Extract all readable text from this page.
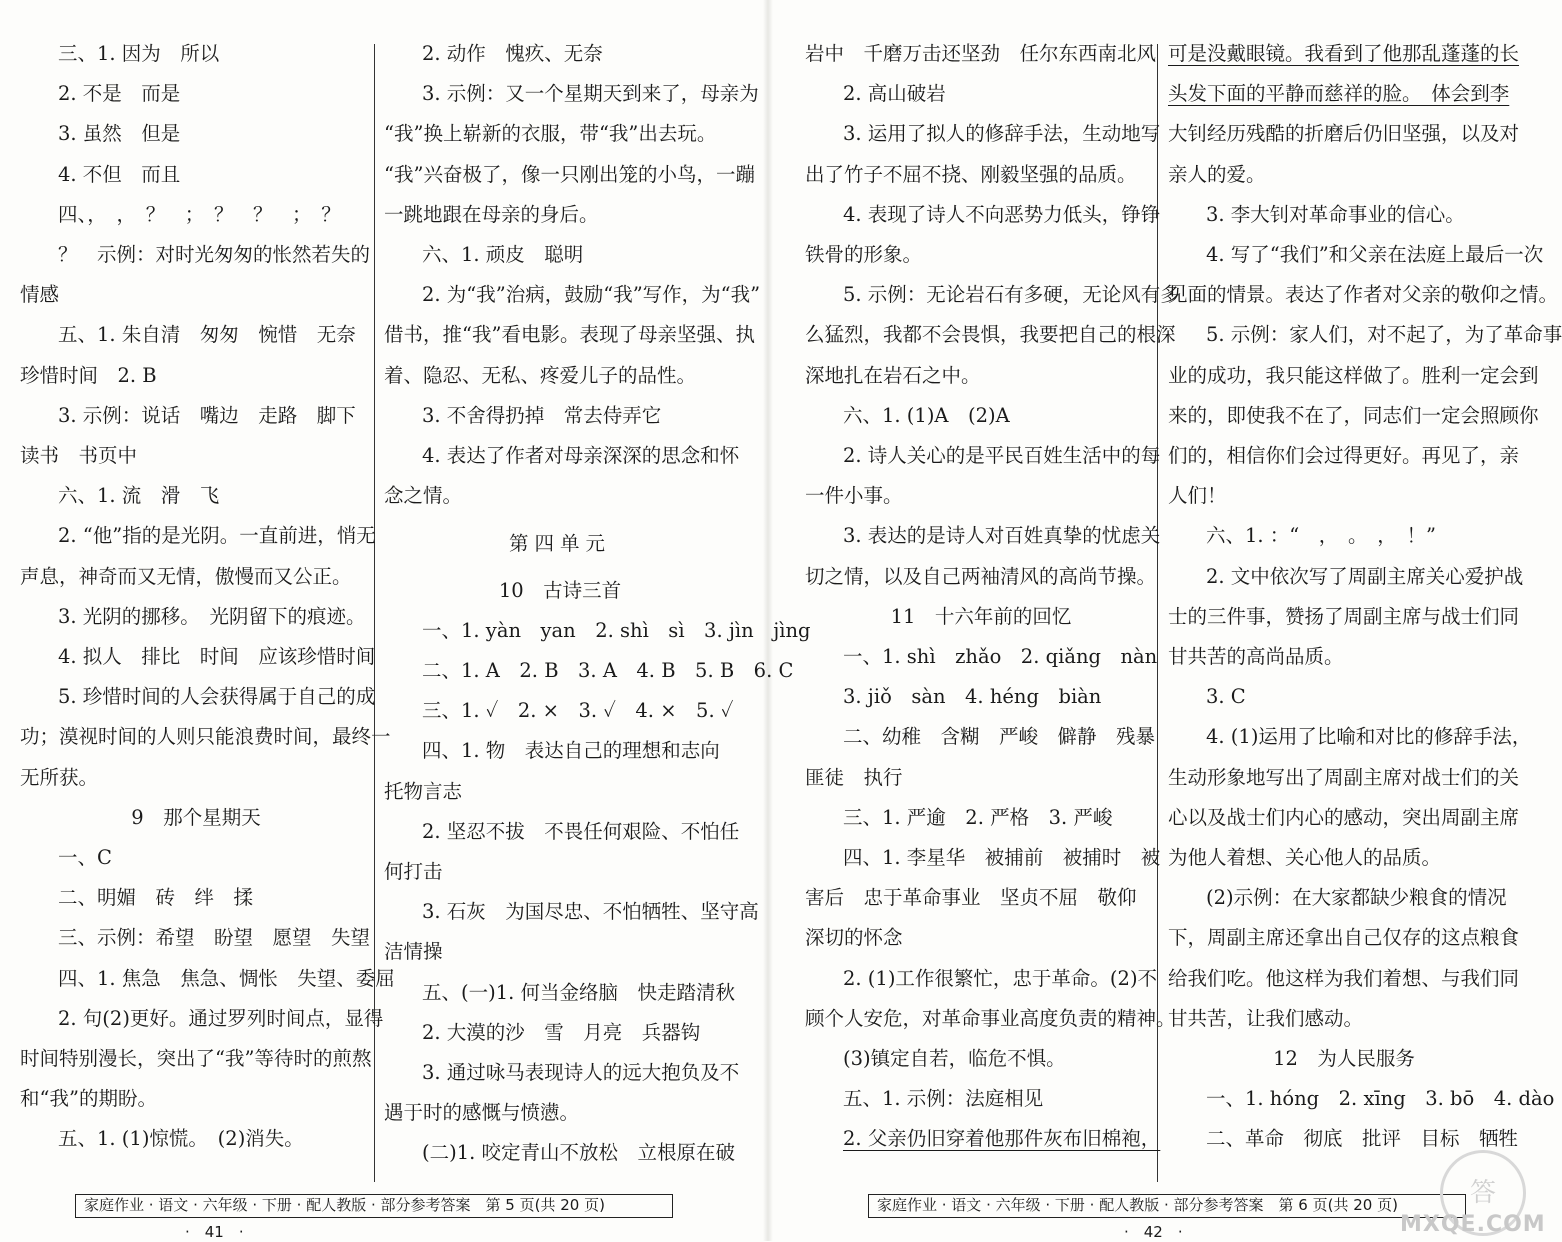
三、1. 因为　所以

2. 不是　而是

3. 虽然　但是

4. 不但　而且

四、，　，　？　；　？　？　；　？

？　示例：对时光匆匆的怅然若失的

情感

五、1. 朱自清　匆匆　惋惜　无奈

珍惜时间　2. B

3. 示例：说话　嘴边　走路　脚下

读书　书页中

六、1. 流　滑　飞

2. “他”指的是光阴。一直前进，悄无

声息，神奇而又无情，傲慢而又公正。

3. 光阴的挪移。　光阴留下的痕迹。

4. 拟人　排比　时间　应该珍惜时间

5. 珍惜时间的人会获得属于自己的成

功；漠视时间的人则只能浪费时间，最终一

无所获。

9　那个星期天

一、C

二、明媚　砖　绊　揉

三、示例：希望　盼望　愿望　失望

四、1. 焦急　焦急、惆怅　失望、委屈

2. 句(2)更好。通过罗列时间点，显得

时间特别漫长，突出了“我”等待时的煎熬

和“我”的期盼。

五、1. (1)惊慌。　(2)消失。

2. 动作　愧疚、无奈

3. 示例：又一个星期天到来了，母亲为

“我”换上崭新的衣服，带“我”出去玩。

“我”兴奋极了，像一只刚出笼的小鸟，一蹦

一跳地跟在母亲的身后。

六、1. 顽皮　聪明

2. 为“我”治病，鼓励“我”写作，为“我”

借书，推“我”看电影。表现了母亲坚强、执

着、隐忍、无私、疼爱儿子的品性。

3. 不舍得扔掉　常去侍弄它

4. 表达了作者对母亲深深的思念和怀

念之情。

第四单元

10　古诗三首

一、1. yàn　yan　2. shì　sì　3. jìn　jìng

二、1. A　2. B　3. A　4. B　5. B　6. C

三、1. ✓　2. ×　3. ✓　4. ×　5. ✓

四、1. 物　表达自己的理想和志向

托物言志

2. 坚忍不拔　不畏任何艰险、不怕任

何打击

3. 石灰　为国尽忠、不怕牺牲、坚守高

洁情操

五、(一)1. 何当金络脑　快走踏清秋

2. 大漠的沙　雪　月亮　兵器钩

3. 通过咏马表现诗人的远大抱负及不

遇于时的感慨与愤懑。

(二)1. 咬定青山不放松　立根原在破

岩中　千磨万击还坚劲　任尔东西南北风

2. 高山破岩

3. 运用了拟人的修辞手法，生动地写

出了竹子不屈不挠、刚毅坚强的品质。

4. 表现了诗人不向恶势力低头，铮铮

铁骨的形象。

5. 示例：无论岩石有多硬，无论风有多

么猛烈，我都不会畏惧，我要把自己的根深

深地扎在岩石之中。

六、1. (1)A　(2)A

2. 诗人关心的是平民百姓生活中的每

一件小事。

3. 表达的是诗人对百姓真挚的忧虑关

切之情，以及自己两袖清风的高尚节操。

11　十六年前的回忆

一、1. shì　zhǎo　2. qiǎng　nàn

3. jiǒ　sàn　4. héng　biàn

二、幼稚　含糊　严峻　僻静　残暴

匪徒　执行

三、1. 严逾　2. 严格　3. 严峻

四、1. 李星华　被捕前　被捕时　被

害后　忠于革命事业　坚贞不屈　敬仰

深切的怀念

2. (1)工作很繁忙，忠于革命。(2)不

顾个人安危，对革命事业高度负责的精神。

(3)镇定自若，临危不惧。

五、1. 示例：法庭相见

2. 父亲仍旧穿着他那件灰布旧棉袍，

可是没戴眼镜。我看到了他那乱蓬蓬的长

头发下面的平静而慈祥的脸。　体会到李

大钊经历残酷的折磨后仍旧坚强，以及对

亲人的爱。

3. 李大钊对革命事业的信心。

4. 写了“我们”和父亲在法庭上最后一次

见面的情景。表达了作者对父亲的敬仰之情。

5. 示例：家人们，对不起了，为了革命事

业的成功，我只能这样做了。胜利一定会到

来的，即使我不在了，同志们一定会照顾你

们的，相信你们会过得更好。再见了，亲

人们！

六、1. ：“　，　。　，　！”

2. 文中依次写了周副主席关心爱护战

士的三件事，赞扬了周副主席与战士们同

甘共苦的高尚品质。

3. C

4. (1)运用了比喻和对比的修辞手法，

生动形象地写出了周副主席对战士们的关

心以及战士们内心的感动，突出周副主席

为他人着想、关心他人的品质。

(2)示例：在大家都缺少粮食的情况

下，周副主席还拿出自己仅存的这点粮食

给我们吃。他这样为我们着想、与我们同

甘共苦，让我们感动。

12　为人民服务

一、1. hóng　2. xīng　3. bō　4. dào

二、革命　彻底　批评　目标　牺牲

家庭作业 · 语文 · 六年级 · 下册 · 配人教版 · 部分参考答案　第 5 页(共 20 页)	家庭作业 · 语文 · 六年级 · 下册 · 配人教版 · 部分参考答案　第 6 页(共 20 页)
·　41　·	·　42　·
答
MXQE.COM
